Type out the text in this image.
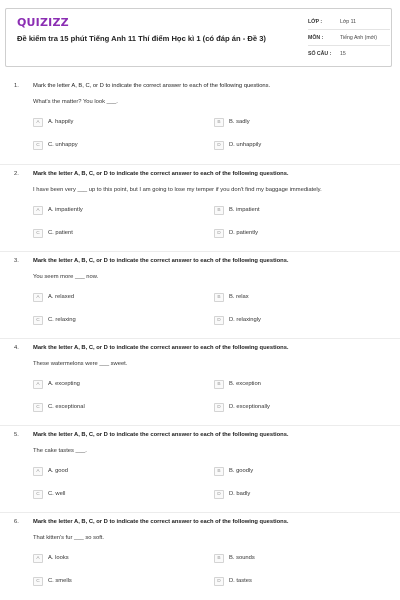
QUIZIZZ
Đề kiểm tra 15 phút Tiếng Anh 11 Thí điểm Học kì 1 (có đáp án - Đề 3)
LỚP :	Lớp 11
MÔN :	Tiếng Anh (mới)
SỐ CÂU :	15
1. Mark the letter A, B, C, or D to indicate the correct answer to each of the following questions.
What's the matter? You look ___.
A	A. happily	B	B. sadly
C	C. unhappy	D	D. unhappily
2. Mark the letter A, B, C, or D to indicate the correct answer to each of the following questions.
I have been very ___ up to this point, but I am going to lose my temper if you don't find my baggage immediately.
A	A. impatiently	B	B. impatient
C	C. patient	D	D. patiently
3. Mark the letter A, B, C, or D to indicate the correct answer to each of the following questions.
You seem more ___ now.
A	A. relaxed	B	B. relax
C	C. relaxing	D	D. relaxingly
4. Mark the letter A, B, C, or D to indicate the correct answer to each of the following questions.
These watermelons were ___ sweet.
A	A. excepting	B	B. exception
C	C. exceptional	D	D. exceptionally
5. Mark the letter A, B, C, or D to indicate the correct answer to each of the following questions.
The cake tastes ___.
A	A. good	B	B. goodly
C	C. well	D	D. badly
6. Mark the letter A, B, C, or D to indicate the correct answer to each of the following questions.
That kitten's fur ___ so soft.
A	A. looks	B	B. sounds
C	C. smells	D	D. tastes
